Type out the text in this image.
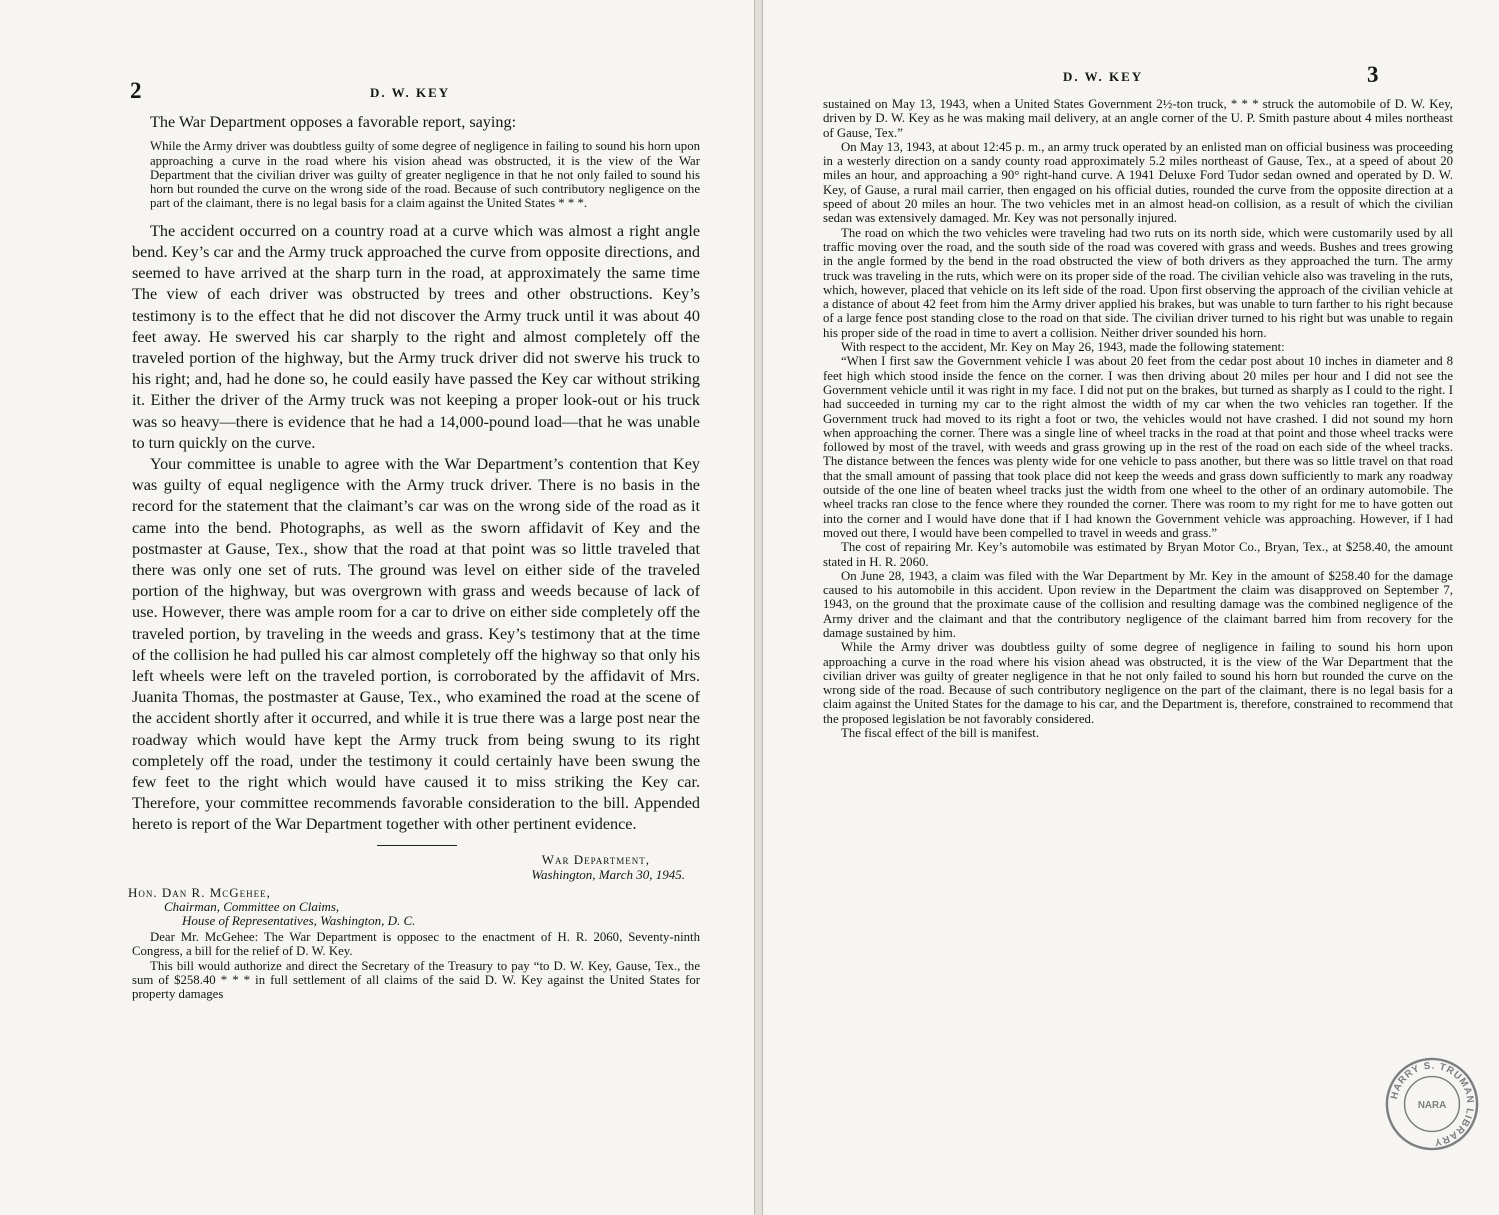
2	D. W. KEY

The War Department opposes a favorable report, saying:

While the Army driver was doubtless guilty of some degree of negligence in failing to sound his horn upon approaching a curve in the road where his vision ahead was obstructed, it is the view of the War Department that the civilian driver was guilty of greater negligence in that he not only failed to sound his horn but rounded the curve on the wrong side of the road. Because of such contributory negligence on the part of the claimant, there is no legal basis for a claim against the United States * * *.

The accident occurred on a country road at a curve which was almost a right angle bend. Key’s car and the Army truck approached the curve from opposite directions, and seemed to have arrived at the sharp turn in the road, at approximately the same time The view of each driver was obstructed by trees and other obstructions. Key’s testimony is to the effect that he did not discover the Army truck until it was about 40 feet away. He swerved his car sharply to the right and almost completely off the traveled portion of the highway, but the Army truck driver did not swerve his truck to his right; and, had he done so, he could easily have passed the Key car without striking it. Either the driver of the Army truck was not keeping a proper look-out or his truck was so heavy—there is evidence that he had a 14,000-pound load—that he was unable to turn quickly on the curve.

Your committee is unable to agree with the War Department’s contention that Key was guilty of equal negligence with the Army truck driver. There is no basis in the record for the statement that the claimant’s car was on the wrong side of the road as it came into the bend. Photographs, as well as the sworn affidavit of Key and the postmaster at Gause, Tex., show that the road at that point was so little traveled that there was only one set of ruts. The ground was level on either side of the traveled portion of the highway, but was overgrown with grass and weeds because of lack of use. However, there was ample room for a car to drive on either side completely off the traveled portion, by traveling in the weeds and grass. Key’s testimony that at the time of the collision he had pulled his car almost completely off the highway so that only his left wheels were left on the traveled portion, is corroborated by the affidavit of Mrs. Juanita Thomas, the postmaster at Gause, Tex., who examined the road at the scene of the accident shortly after it occurred, and while it is true there was a large post near the roadway which would have kept the Army truck from being swung to its right completely off the road, under the testimony it could certainly have been swung the few feet to the right which would have caused it to miss striking the Key car. Therefore, your committee recommends favorable consideration to the bill. Appended hereto is report of the War Department together with other pertinent evidence.

War Department,

Washington, March 30, 1945.

Hon. Dan R. McGehee,

Chairman, Committee on Claims,

House of Representatives, Washington, D. C.

Dear Mr. McGehee: The War Department is opposec to the enactment of H. R. 2060, Seventy-ninth Congress, a bill for the relief of D. W. Key.

This bill would authorize and direct the Secretary of the Treasury to pay “to D. W. Key, Gause, Tex., the sum of $258.40 * * * in full settlement of all claims of the said D. W. Key against the United States for property damages

3
D. W. KEY

sustained on May 13, 1943, when a United States Government 2½-ton truck, * * * struck the automobile of D. W. Key, driven by D. W. Key as he was making mail delivery, at an angle corner of the U. P. Smith pasture about 4 miles northeast of Gause, Tex.”

On May 13, 1943, at about 12:45 p. m., an army truck operated by an enlisted man on official business was proceeding in a westerly direction on a sandy county road approximately 5.2 miles northeast of Gause, Tex., at a speed of about 20 miles an hour, and approaching a 90° right-hand curve. A 1941 Deluxe Ford Tudor sedan owned and operated by D. W. Key, of Gause, a rural mail carrier, then engaged on his official duties, rounded the curve from the opposite direction at a speed of about 20 miles an hour. The two vehicles met in an almost head-on collision, as a result of which the civilian sedan was extensively damaged. Mr. Key was not personally injured.

The road on which the two vehicles were traveling had two ruts on its north side, which were customarily used by all traffic moving over the road, and the south side of the road was covered with grass and weeds. Bushes and trees growing in the angle formed by the bend in the road obstructed the view of both drivers as they approached the turn. The army truck was traveling in the ruts, which were on its proper side of the road. The civilian vehicle also was traveling in the ruts, which, however, placed that vehicle on its left side of the road. Upon first observing the approach of the civilian vehicle at a distance of about 42 feet from him the Army driver applied his brakes, but was unable to turn farther to his right because of a large fence post standing close to the road on that side. The civilian driver turned to his right but was unable to regain his proper side of the road in time to avert a collision. Neither driver sounded his horn.

With respect to the accident, Mr. Key on May 26, 1943, made the following statement:

“When I first saw the Government vehicle I was about 20 feet from the cedar post about 10 inches in diameter and 8 feet high which stood inside the fence on the corner. I was then driving about 20 miles per hour and I did not see the Government vehicle until it was right in my face. I did not put on the brakes, but turned as sharply as I could to the right. I had succeeded in turning my car to the right almost the width of my car when the two vehicles ran together. If the Government truck had moved to its right a foot or two, the vehicles would not have crashed. I did not sound my horn when approaching the corner. There was a single line of wheel tracks in the road at that point and those wheel tracks were followed by most of the travel, with weeds and grass growing up in the rest of the road on each side of the wheel tracks. The distance between the fences was plenty wide for one vehicle to pass another, but there was so little travel on that road that the small amount of passing that took place did not keep the weeds and grass down sufficiently to mark any roadway outside of the one line of beaten wheel tracks just the width from one wheel to the other of an ordinary automobile. The wheel tracks ran close to the fence where they rounded the corner. There was room to my right for me to have gotten out into the corner and I would have done that if I had known the Government vehicle was approaching. However, if I had moved out there, I would have been compelled to travel in weeds and grass.”

The cost of repairing Mr. Key’s automobile was estimated by Bryan Motor Co., Bryan, Tex., at $258.40, the amount stated in H. R. 2060.

On June 28, 1943, a claim was filed with the War Department by Mr. Key in the amount of $258.40 for the damage caused to his automobile in this accident. Upon review in the Department the claim was disapproved on September 7, 1943, on the ground that the proximate cause of the collision and resulting damage was the combined negligence of the Army driver and the claimant and that the contributory negligence of the claimant barred him from recovery for the damage sustained by him.

While the Army driver was doubtless guilty of some degree of negligence in failing to sound his horn upon approaching a curve in the road where his vision ahead was obstructed, it is the view of the War Department that the civilian driver was guilty of greater negligence in that he not only failed to sound his horn but rounded the curve on the wrong side of the road. Because of such contributory negligence on the part of the claimant, there is no legal basis for a claim against the United States for the damage to his car, and the Department is, therefore, constrained to recommend that the proposed legislation be not favorably considered.

The fiscal effect of the bill is manifest.

HARRY S. TRUMAN LIBRARY
NARA
